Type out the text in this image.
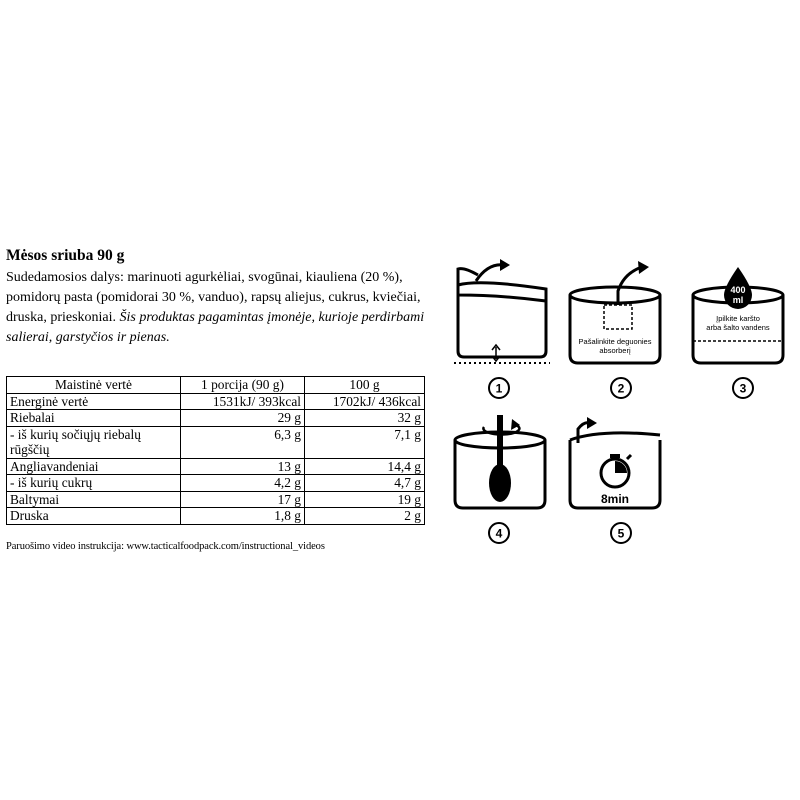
Mėsos sriuba 90 g
Sudedamosios dalys: marinuoti agurkėliai, svogūnai, kiauliena (20 %), pomidorų pasta (pomidorai 30 %, vanduo), rapsų aliejus, cukrus, kviečiai, druska, prieskoniai. Šis produktas pagamintas įmonėje, kurioje perdirbami salierai, garstyčios ir pienas.
Maistinė vertė	1 porcija (90 g)	100 g
Energinė vertė	1531kJ/ 393kcal	1702kJ/ 436kcal
Riebalai	29 g	32 g
- iš kurių sočiųjų riebalų rūgščių	6,3 g	7,1 g
Angliavandeniai	13 g	14,4 g
- iš kurių cukrų	4,2 g	4,7 g
Baltymai	17 g	19 g
Druska	1,8 g	2 g
Paruošimo video instrukcija: www.tacticalfoodpack.com/instructional_videos
1
Pašalinkite deguonies
absorberį
2
400
ml
Įpilkite karšto
arba šalto vandens
3
4
8min
5
